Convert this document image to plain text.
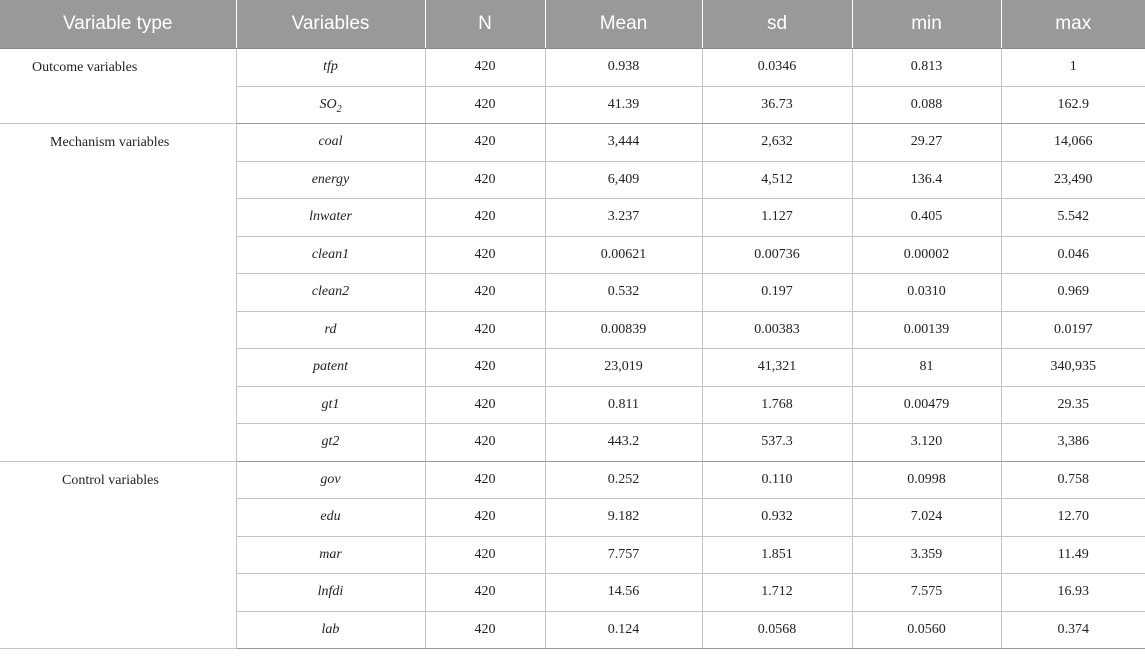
Variable type	Variables	N	Mean	sd	min	max
Outcome variables	tfp	420	0.938	0.0346	0.813	1
	$SO_2$	420	41.39	36.73	0.088	162.9
Mechanism variables	coal	420	3,444	2,632	29.27	14,066
	energy	420	6,409	4,512	136.4	23,490
	lnwater	420	3.237	1.127	0.405	5.542
	clean1	420	0.00621	0.00736	0.00002	0.046
	clean2	420	0.532	0.197	0.0310	0.969
	rd	420	0.00839	0.00383	0.00139	0.0197
	patent	420	23,019	41,321	81	340,935
	gt1	420	0.811	1.768	0.00479	29.35
	gt2	420	443.2	537.3	3.120	3,386
Control variables	gov	420	0.252	0.110	0.0998	0.758
	edu	420	9.182	0.932	7.024	12.70
	mar	420	7.757	1.851	3.359	11.49
	lnfdi	420	14.56	1.712	7.575	16.93
	lab	420	0.124	0.0568	0.0560	0.374
